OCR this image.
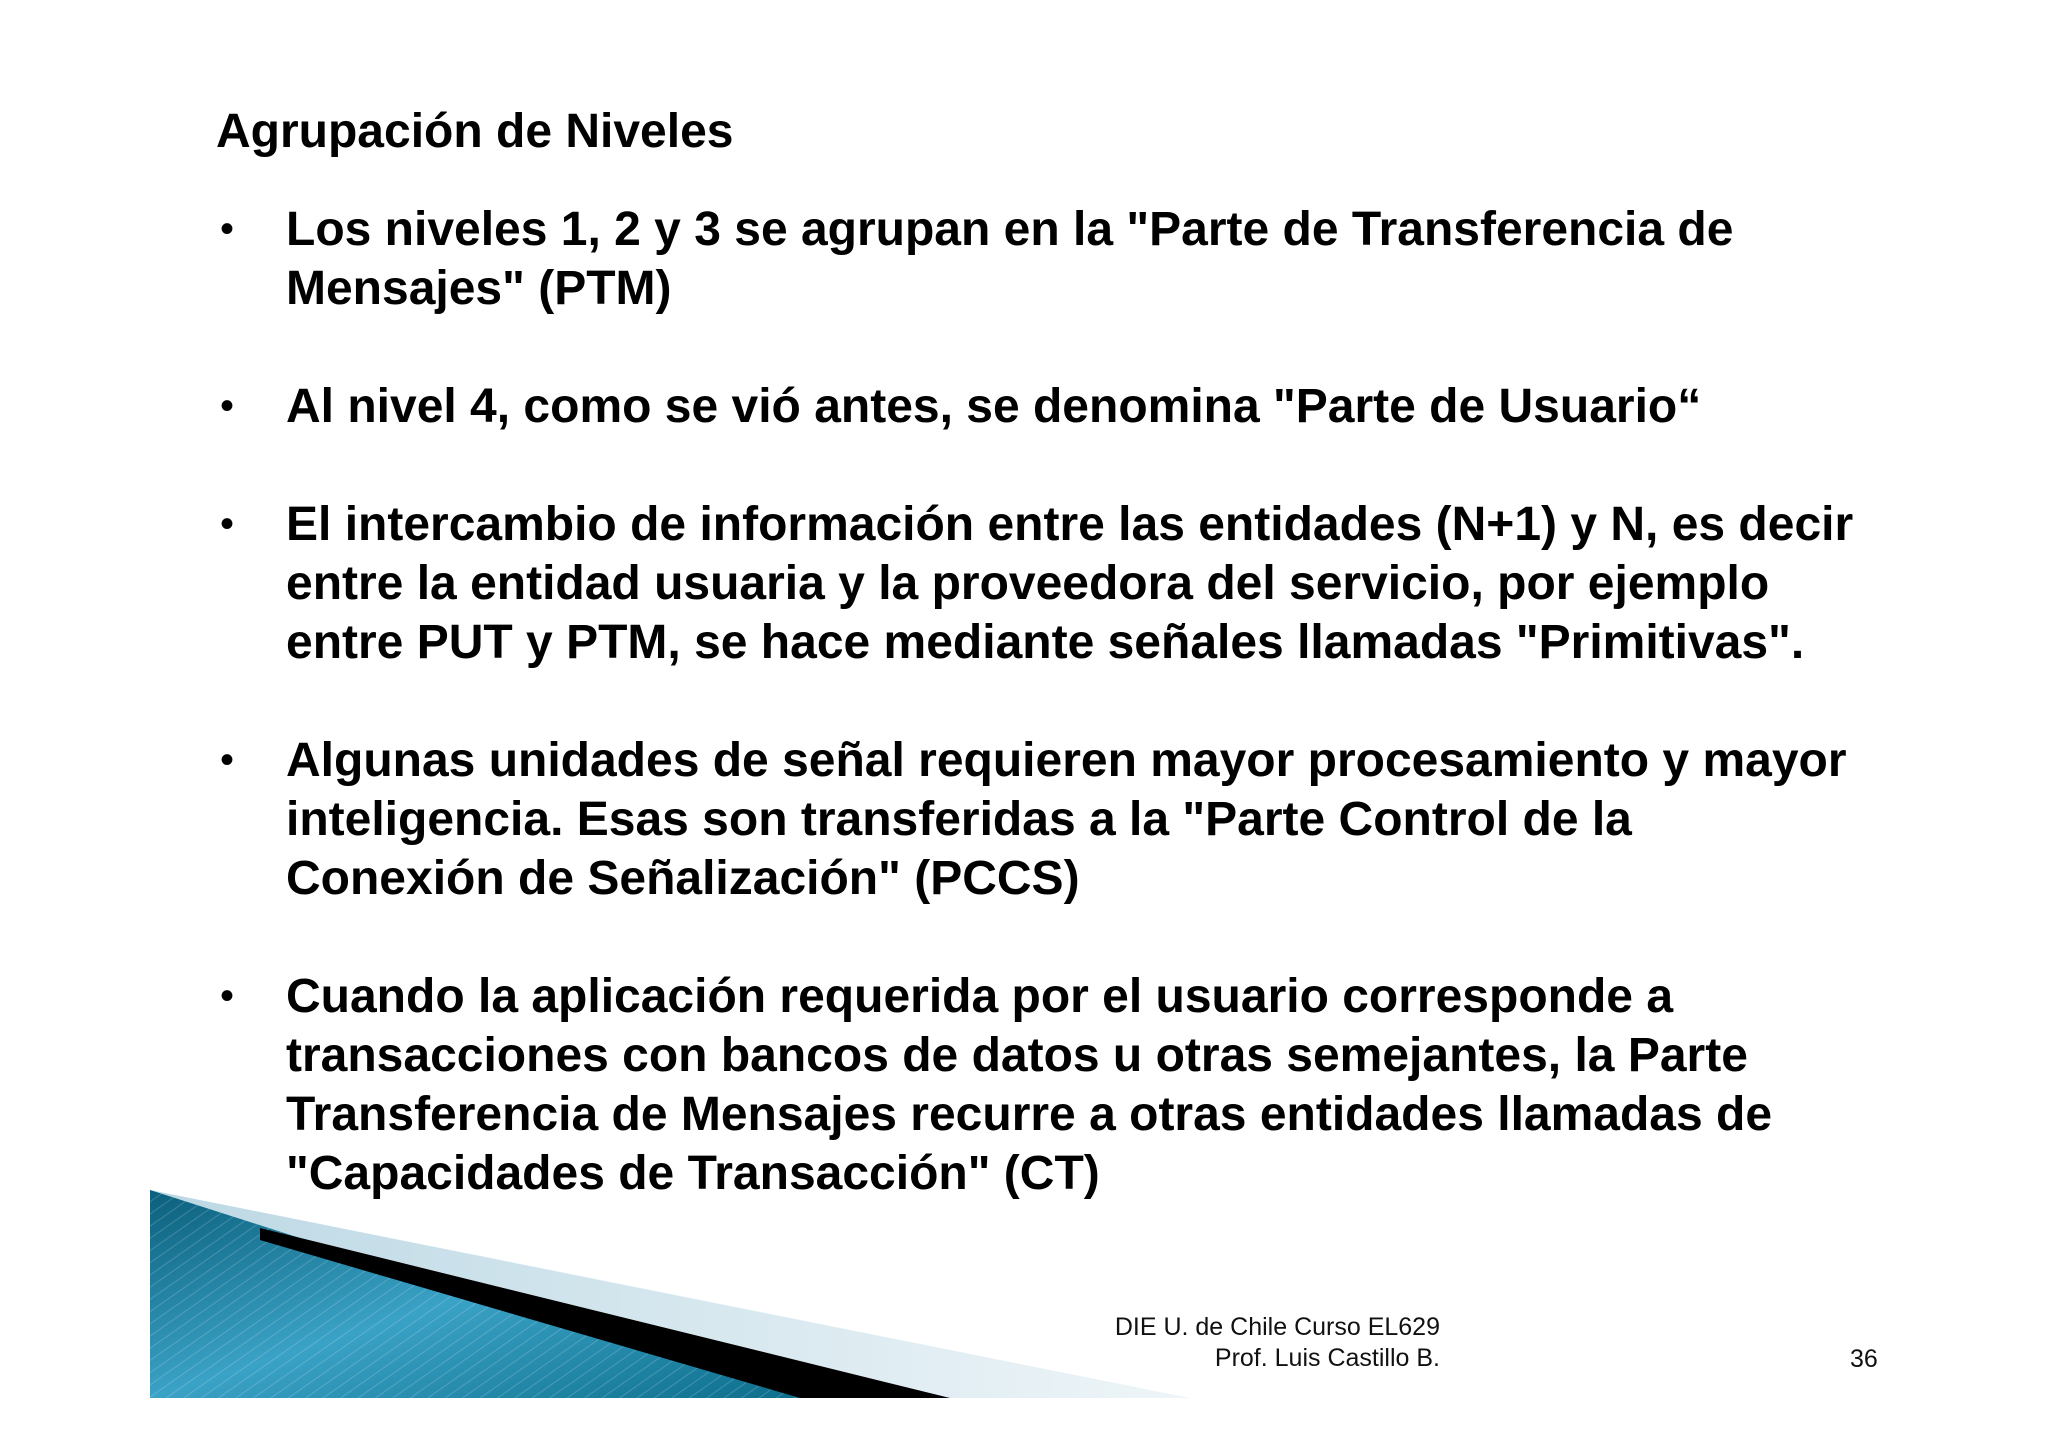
Agrupación de Niveles
• Los niveles 1, 2 y 3 se agrupan en la "Parte de Transferencia de Mensajes" (PTM)
• Al nivel 4, como se vió antes, se denomina "Parte de Usuario“
• El intercambio de información entre las entidades (N+1) y N, es decir entre la entidad usuaria y la proveedora del servicio, por ejemplo entre PUT y PTM, se hace mediante señales llamadas "Primitivas".
• Algunas unidades de señal requieren mayor procesamiento y mayor inteligencia. Esas son transferidas a la "Parte Control de la Conexión de Señalización" (PCCS)
• Cuando la aplicación requerida por el usuario corresponde a transacciones con bancos de datos u otras semejantes, la Parte Transferencia de Mensajes recurre a otras entidades llamadas de "Capacidades de Transacción" (CT)
DIE U. de Chile Curso EL629
Prof. Luis Castillo B.	36
